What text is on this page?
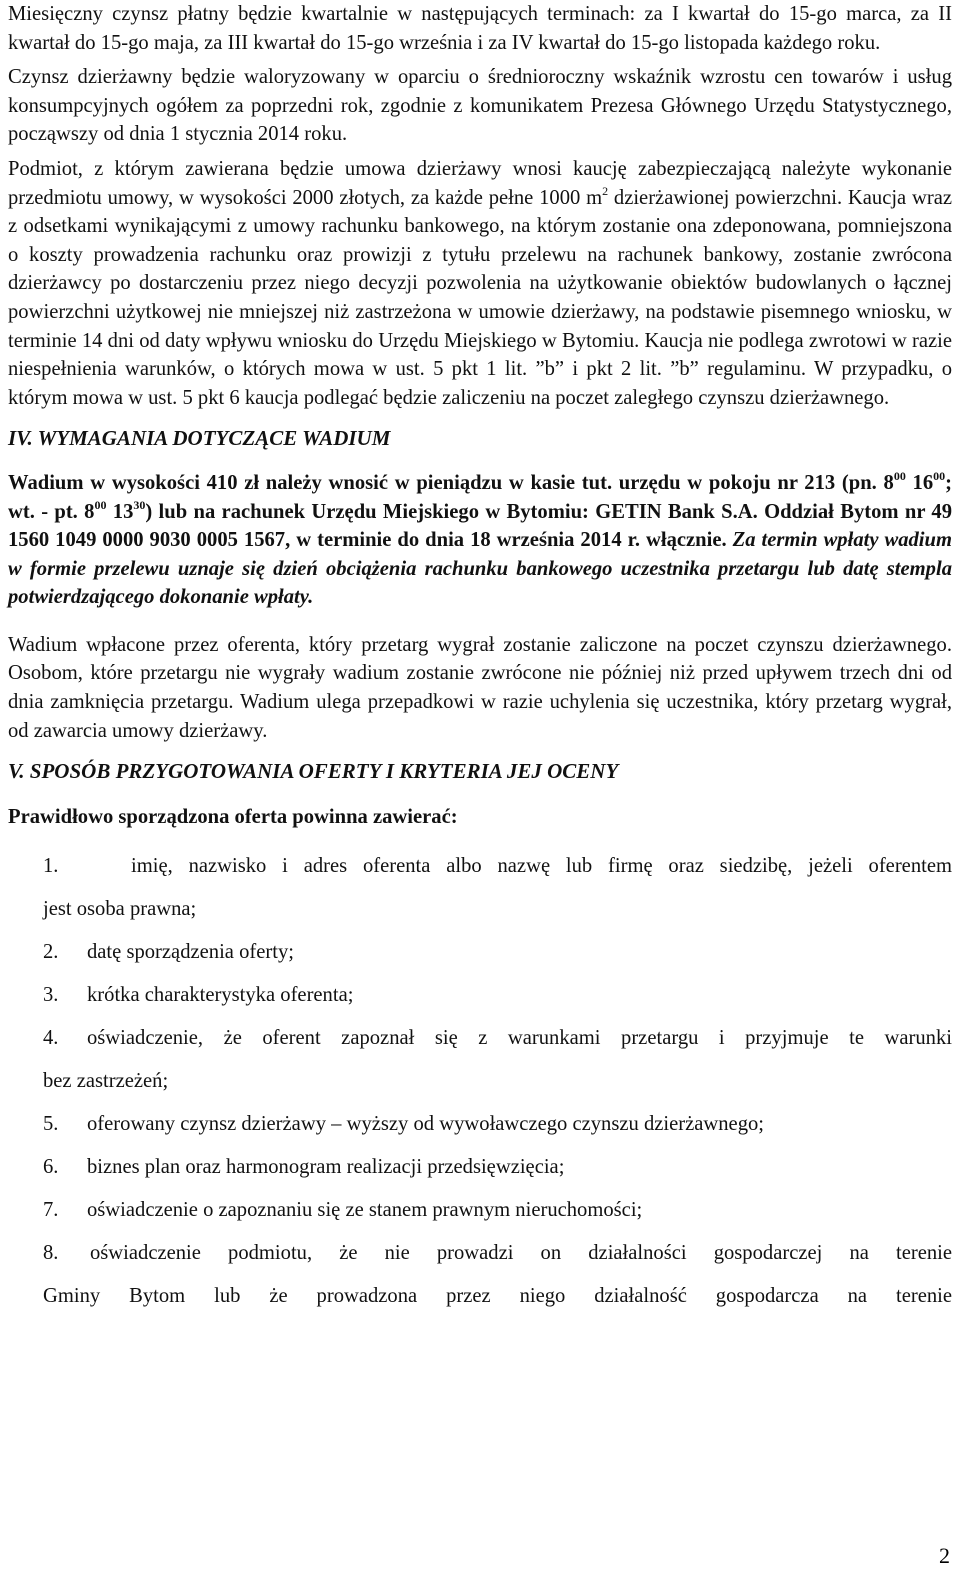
Miesięczny czynsz płatny będzie kwartalnie w następujących terminach: za I kwartał do 15-go marca, za II kwartał do 15-go maja, za III kwartał do 15-go września i za IV kwartał do 15-go listopada każdego roku.

Czynsz dzierżawny będzie waloryzowany w oparciu o średnioroczny wskaźnik wzrostu cen towarów i usług konsumpcyjnych ogółem za poprzedni rok, zgodnie z komunikatem Prezesa Głównego Urzędu Statystycznego, począwszy od dnia 1 stycznia 2014 roku.

Podmiot, z którym zawierana będzie umowa dzierżawy wnosi kaucję zabezpieczającą należyte wykonanie przedmiotu umowy, w wysokości 2000 złotych, za każde pełne 1000 $m^2$ dzierżawionej powierzchni. Kaucja wraz z odsetkami wynikającymi z umowy rachunku bankowego, na którym zostanie ona zdeponowana, pomniejszona o koszty prowadzenia rachunku oraz prowizji z tytułu przelewu na rachunek bankowy, zostanie zwrócona dzierżawcy po dostarczeniu przez niego decyzji pozwolenia na użytkowanie obiektów budowlanych o łącznej powierzchni użytkowej nie mniejszej niż zastrzeżona w umowie dzierżawy, na podstawie pisemnego wniosku, w terminie 14 dni od daty wpływu wniosku do Urzędu Miejskiego w Bytomiu. Kaucja nie podlega zwrotowi w razie niespełnienia warunków, o których mowa w ust. 5 pkt 1 lit. ”b” i pkt 2 lit. ”b” regulaminu. W przypadku, o którym mowa w ust. 5 pkt 6 kaucja podlegać będzie zaliczeniu na poczet zaległego czynszu dzierżawnego.

IV. WYMAGANIA DOTYCZĄCE WADIUM

Wadium w wysokości 410 zł należy wnosić w pieniądzu w kasie tut. urzędu w pokoju nr 213 (pn. $8^{00}$ $16^{00}$; wt. - pt. $8^{00}$ $13^{30}$) lub na rachunek Urzędu Miejskiego w Bytomiu: GETIN Bank S.A. Oddział Bytom nr 49 1560 1049 0000 9030 0005 1567, w terminie do dnia 18 września 2014 r. włącznie. Za termin wpłaty wadium w formie przelewu uznaje się dzień obciążenia rachunku bankowego uczestnika przetargu lub datę stempla potwierdzającego dokonanie wpłaty.

Wadium wpłacone przez oferenta, który przetarg wygrał zostanie zaliczone na poczet czynszu dzierżawnego. Osobom, które przetargu nie wygrały wadium zostanie zwrócone nie później niż przed upływem trzech dni od dnia zamknięcia przetargu. Wadium ulega przepadkowi w razie uchylenia się uczestnika, który przetarg wygrał, od zawarcia umowy dzierżawy.

V. SPOSÓB PRZYGOTOWANIA OFERTY I KRYTERIA JEJ OCENY

Prawidłowo sporządzona oferta powinna zawierać:

1.	imię, nazwisko i adres oferenta albo nazwę lub firmę oraz siedzibę, jeżeli oferentem
jest osoba prawna;
2. datę sporządzenia oferty;
3. krótka charakterystyka oferenta;
4. oświadczenie, że oferent zapoznał się z warunkami przetargu i przyjmuje te warunki
bez zastrzeżeń;
5. oferowany czynsz dzierżawy – wyższy od wywoławczego czynszu dzierżawnego;
6. biznes plan oraz harmonogram realizacji przedsięwzięcia;
7. oświadczenie o zapoznaniu się ze stanem prawnym nieruchomości;
8. oświadczenie podmiotu, że nie prowadzi on działalności gospodarczej na terenie
Gminy Bytom lub że prowadzona przez niego działalność gospodarcza na terenie
2
